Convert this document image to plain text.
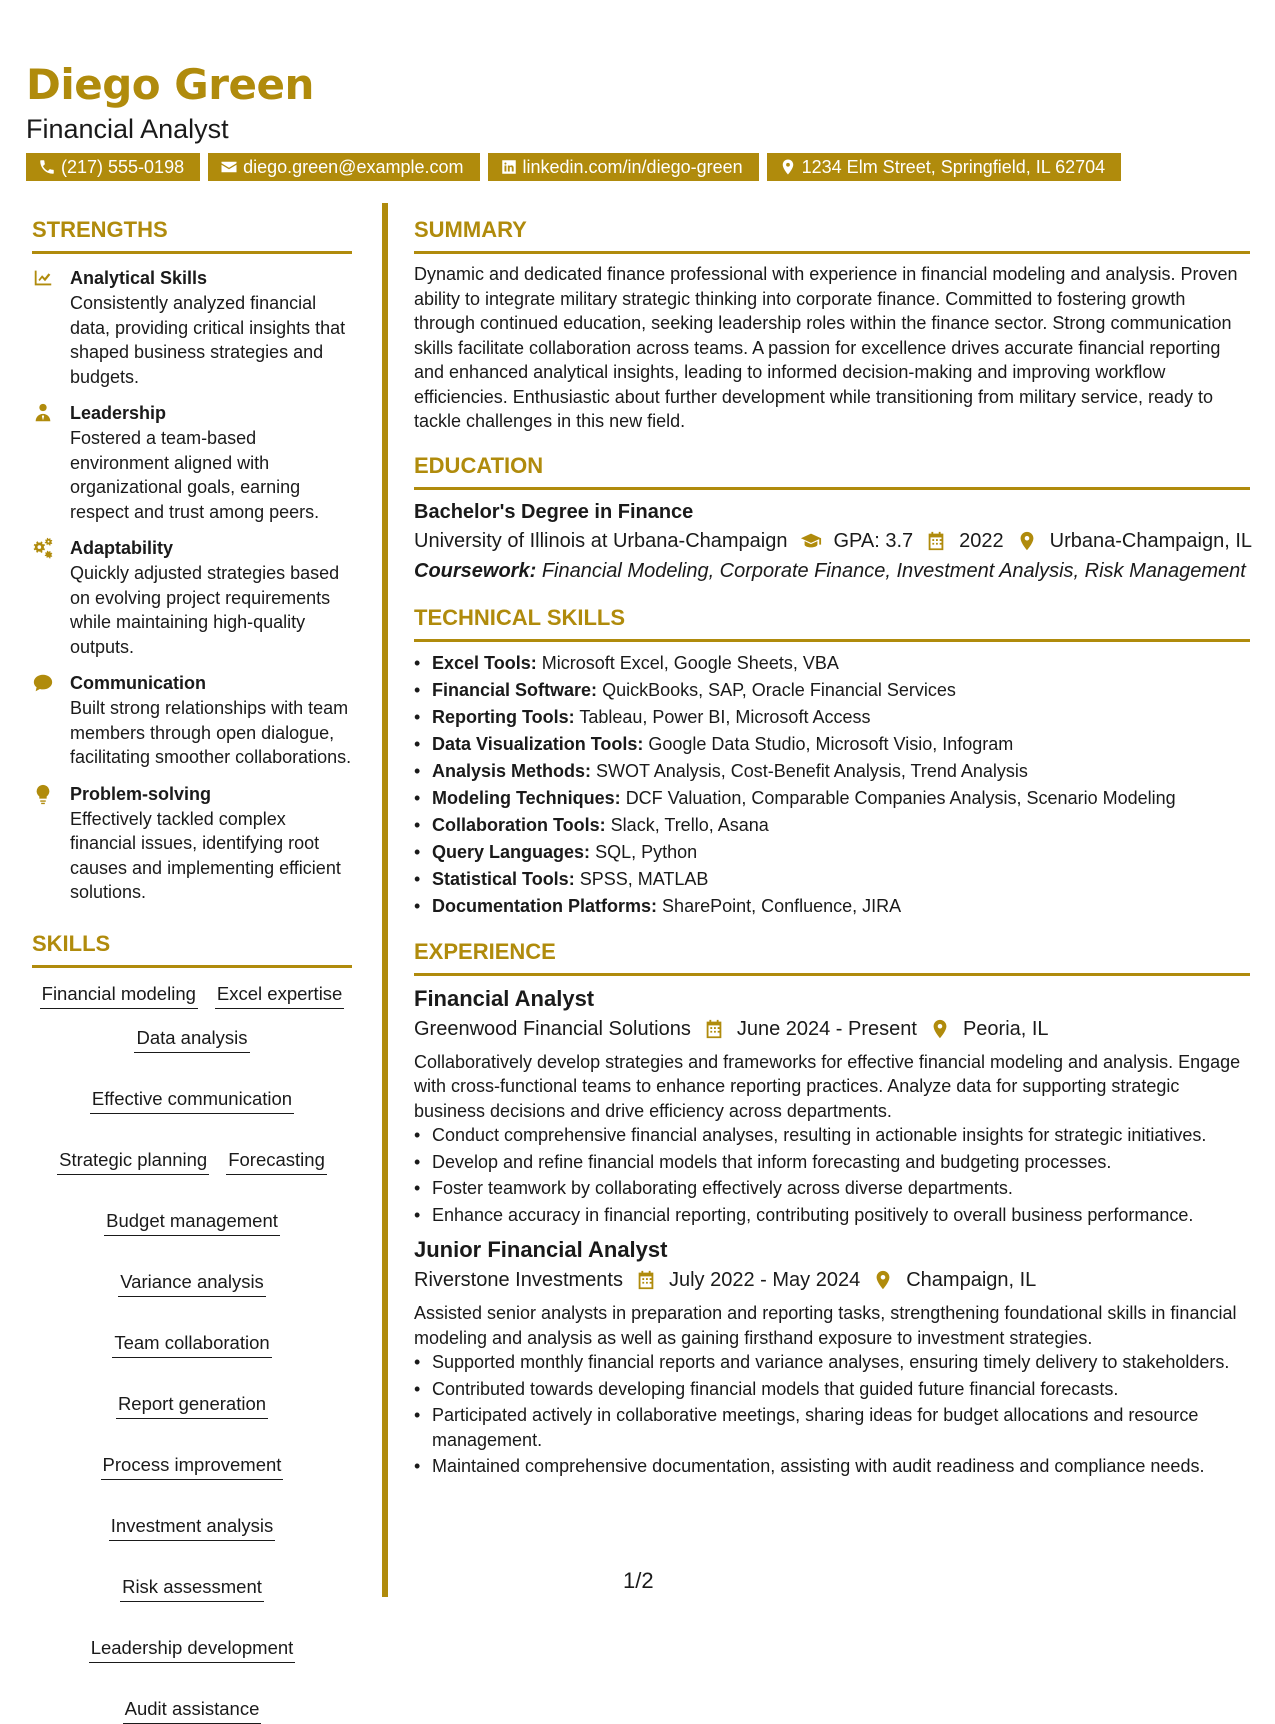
Diego Green
Financial Analyst
(217) 555-0198	diego.green@example.com	linkedin.com/in/diego-green	1234 Elm Street, Springfield, IL 62704
STRENGTHS
Analytical Skills
Consistently analyzed financial data, providing critical insights that shaped business strategies and budgets.
Leadership
Fostered a team-based environment aligned with organizational goals, earning respect and trust among peers.
Adaptability
Quickly adjusted strategies based on evolving project requirements while maintaining high-quality outputs.
Communication
Built strong relationships with team members through open dialogue, facilitating smoother collaborations.
Problem-solving
Effectively tackled complex financial issues, identifying root causes and implementing efficient solutions.
SKILLS
Financial modeling Excel expertise
Data analysis
Effective communication
Strategic planning Forecasting
Budget management
Variance analysis
Team collaboration
Report generation
Process improvement
Investment analysis
Risk assessment
Leadership development
Audit assistance
SUMMARY
Dynamic and dedicated finance professional with experience in financial modeling and analysis. Proven ability to integrate military strategic thinking into corporate finance. Committed to fostering growth through continued education, seeking leadership roles within the finance sector. Strong communication skills facilitate collaboration across teams. A passion for excellence drives accurate financial reporting and enhanced analytical insights, leading to informed decision-making and improving workflow efficiencies. Enthusiastic about further development while transitioning from military service, ready to tackle challenges in this new field.
EDUCATION
Bachelor's Degree in Finance
University of Illinois at Urbana-Champaign GPA: 3.7 2022 Urbana-Champaign, IL
Coursework: Financial Modeling, Corporate Finance, Investment Analysis, Risk Management
TECHNICAL SKILLS
• Excel Tools: Microsoft Excel, Google Sheets, VBA
• Financial Software: QuickBooks, SAP, Oracle Financial Services
• Reporting Tools: Tableau, Power BI, Microsoft Access
• Data Visualization Tools: Google Data Studio, Microsoft Visio, Infogram
• Analysis Methods: SWOT Analysis, Cost-Benefit Analysis, Trend Analysis
• Modeling Techniques: DCF Valuation, Comparable Companies Analysis, Scenario Modeling
• Collaboration Tools: Slack, Trello, Asana
• Query Languages: SQL, Python
• Statistical Tools: SPSS, MATLAB
• Documentation Platforms: SharePoint, Confluence, JIRA
EXPERIENCE
Financial Analyst
Greenwood Financial Solutions June 2024 - Present Peoria, IL
Collaboratively develop strategies and frameworks for effective financial modeling and analysis. Engage with cross-functional teams to enhance reporting practices. Analyze data for supporting strategic business decisions and drive efficiency across departments.
• Conduct comprehensive financial analyses, resulting in actionable insights for strategic initiatives.
• Develop and refine financial models that inform forecasting and budgeting processes.
• Foster teamwork by collaborating effectively across diverse departments.
• Enhance accuracy in financial reporting, contributing positively to overall business performance.
Junior Financial Analyst
Riverstone Investments July 2022 - May 2024 Champaign, IL
Assisted senior analysts in preparation and reporting tasks, strengthening foundational skills in financial modeling and analysis as well as gaining firsthand exposure to investment strategies.
• Supported monthly financial reports and variance analyses, ensuring timely delivery to stakeholders.
• Contributed towards developing financial models that guided future financial forecasts.
• Participated actively in collaborative meetings, sharing ideas for budget allocations and resource management.
• Maintained comprehensive documentation, assisting with audit readiness and compliance needs.
1/2
